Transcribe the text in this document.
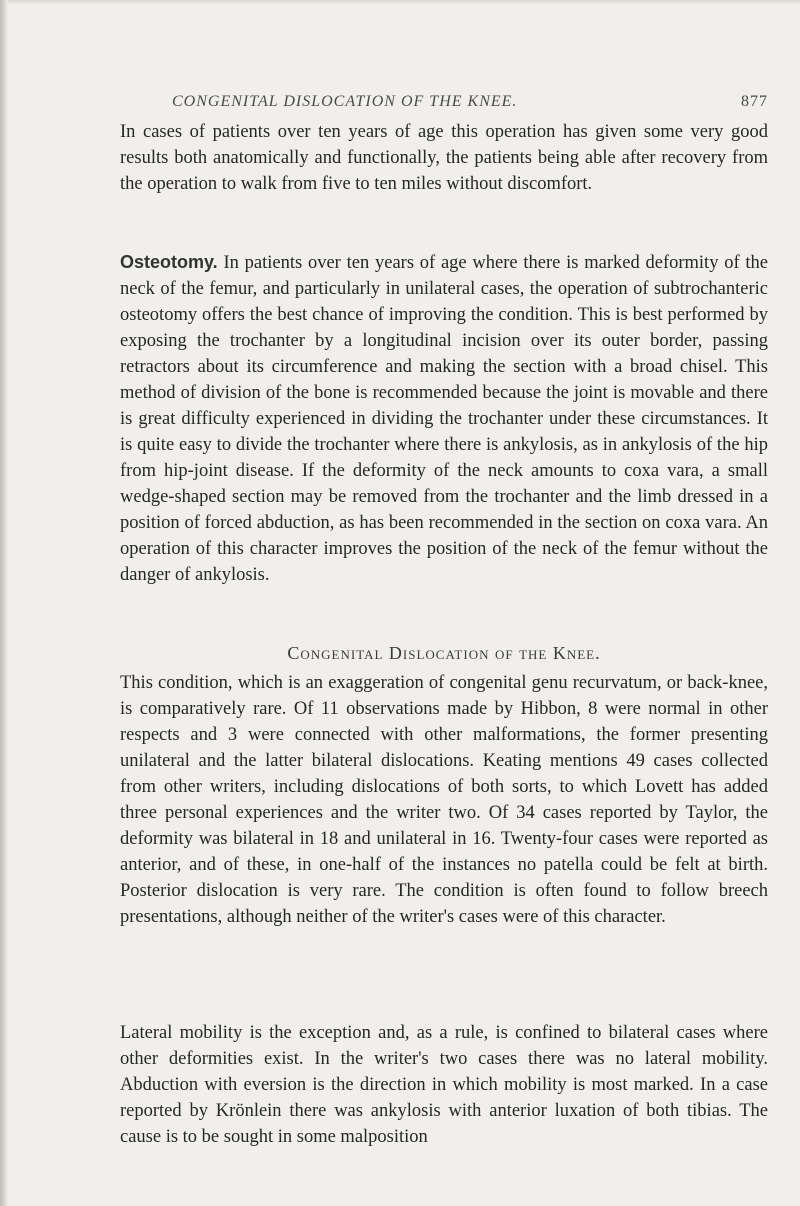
CONGENITAL DISLOCATION OF THE KNEE.	877
In cases of patients over ten years of age this operation has given some very good results both anatomically and functionally, the patients being able after recovery from the operation to walk from five to ten miles without discomfort.
Osteotomy. In patients over ten years of age where there is marked deformity of the neck of the femur, and particularly in unilateral cases, the operation of subtrochanteric osteotomy offers the best chance of improving the condition. This is best performed by exposing the trochanter by a longitudinal incision over its outer border, passing retractors about its circumference and making the section with a broad chisel. This method of division of the bone is recommended because the joint is movable and there is great difficulty experienced in dividing the trochanter under these circumstances. It is quite easy to divide the trochanter where there is ankylosis, as in ankylosis of the hip from hip-joint disease. If the deformity of the neck amounts to coxa vara, a small wedge-shaped section may be removed from the trochanter and the limb dressed in a position of forced abduction, as has been recommended in the section on coxa vara. An operation of this character improves the position of the neck of the femur without the danger of ankylosis.
Congenital Dislocation of the Knee.
This condition, which is an exaggeration of congenital genu recurvatum, or back-knee, is comparatively rare. Of 11 observations made by Hibbon, 8 were normal in other respects and 3 were connected with other malformations, the former presenting unilateral and the latter bilateral dislocations. Keating mentions 49 cases collected from other writers, including dislocations of both sorts, to which Lovett has added three personal experiences and the writer two. Of 34 cases reported by Taylor, the deformity was bilateral in 18 and unilateral in 16. Twenty-four cases were reported as anterior, and of these, in one-half of the instances no patella could be felt at birth. Posterior dislocation is very rare. The condition is often found to follow breech presentations, although neither of the writer's cases were of this character.
Lateral mobility is the exception and, as a rule, is confined to bilateral cases where other deformities exist. In the writer's two cases there was no lateral mobility. Abduction with eversion is the direction in which mobility is most marked. In a case reported by Krönlein there was ankylosis with anterior luxation of both tibias. The cause is to be sought in some malposition
